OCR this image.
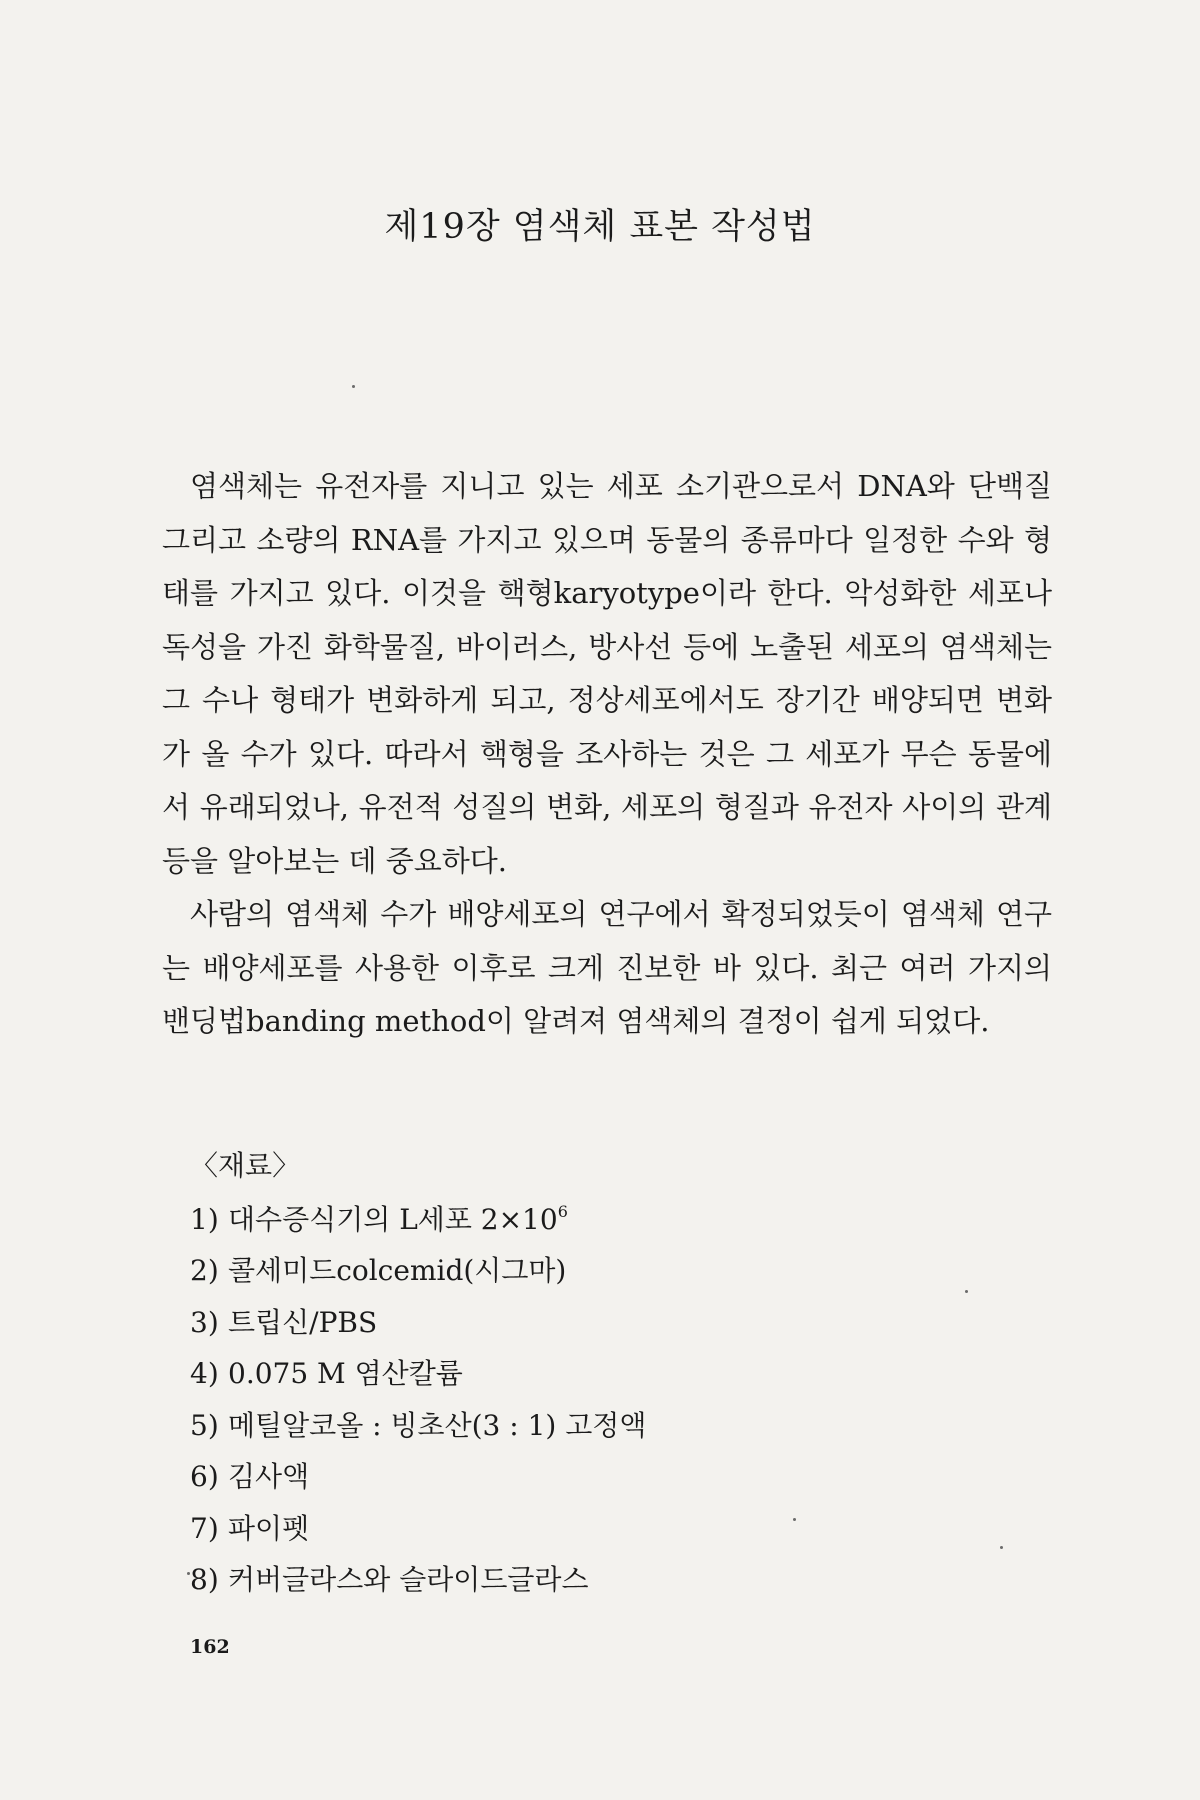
제19장 염색체 표본 작성법

염색체는 유전자를 지니고 있는 세포 소기관으로서 DNA와 단백질 그리고 소량의 RNA를 가지고 있으며 동물의 종류마다 일정한 수와 형태를 가지고 있다. 이것을 핵형karyotype이라 한다. 악성화한 세포나 독성을 가진 화학물질, 바이러스, 방사선 등에 노출된 세포의 염색체는 그 수나 형태가 변화하게 되고, 정상세포에서도 장기간 배양되면 변화가 올 수가 있다. 따라서 핵형을 조사하는 것은 그 세포가 무슨 동물에서 유래되었나, 유전적 성질의 변화, 세포의 형질과 유전자 사이의 관계 등을 알아보는 데 중요하다.

사람의 염색체 수가 배양세포의 연구에서 확정되었듯이 염색체 연구는 배양세포를 사용한 이후로 크게 진보한 바 있다. 최근 여러 가지의 밴딩법banding method이 알려져 염색체의 결정이 쉽게 되었다.

〈재료〉
1) 대수증식기의 L세포 $2\times 10^6$
2) 콜세미드colcemid(시그마)
3) 트립신/PBS
4) 0.075 M 염산칼륨
5) 메틸알코올 : 빙초산(3 : 1) 고정액
6) 김사액
7) 파이펫
8) 커버글라스와 슬라이드글라스
162
